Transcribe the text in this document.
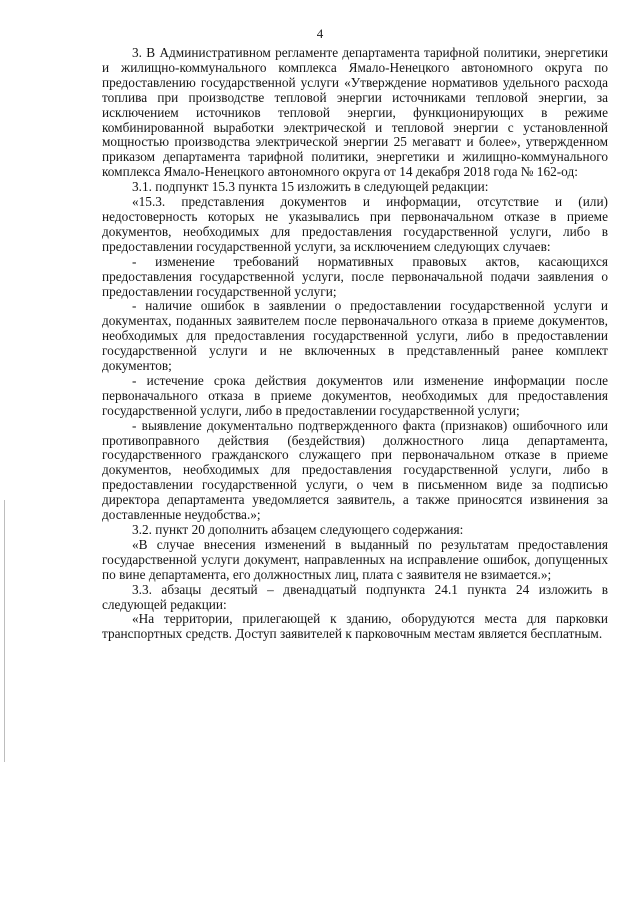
4

3. В Административном регламенте департамента тарифной политики, энергетики и жилищно-коммунального комплекса Ямало-Ненецкого автономного округа по предоставлению государственной услуги «Утверждение нормативов удельного расхода топлива при производстве тепловой энергии источниками тепловой энергии, за исключением источников тепловой энергии, функционирующих в режиме комбинированной выработки электрической и тепловой энергии с установленной мощностью производства электрической энергии 25 мегаватт и более», утвержденном приказом департамента тарифной политики, энергетики и жилищно-коммунального комплекса Ямало-Ненецкого автономного округа от 14 декабря 2018 года № 162-од:

3.1. подпункт 15.3 пункта 15 изложить в следующей редакции:

«15.3. представления документов и информации, отсутствие и (или) недостоверность которых не указывались при первоначальном отказе в приеме документов, необходимых для предоставления государственной услуги, либо в предоставлении государственной услуги, за исключением следующих случаев:

- изменение требований нормативных правовых актов, касающихся предоставления государственной услуги, после первоначальной подачи заявления о предоставлении государственной услуги;

- наличие ошибок в заявлении о предоставлении государственной услуги и документах, поданных заявителем после первоначального отказа в приеме документов, необходимых для предоставления государственной услуги, либо в предоставлении государственной услуги и не включенных в представленный ранее комплект документов;

- истечение срока действия документов или изменение информации после первоначального отказа в приеме документов, необходимых для предоставления государственной услуги, либо в предоставлении государственной услуги;

- выявление документально подтвержденного факта (признаков) ошибочного или противоправного действия (бездействия) должностного лица департамента, государственного гражданского служащего при первоначальном отказе в приеме документов, необходимых для предоставления государственной услуги, либо в предоставлении государственной услуги, о чем в письменном виде за подписью директора департамента уведомляется заявитель, а также приносятся извинения за доставленные неудобства.»;

3.2. пункт 20 дополнить абзацем следующего содержания:

«В случае внесения изменений в выданный по результатам предоставления государственной услуги документ, направленных на исправление ошибок, допущенных по вине департамента, его должностных лиц, плата с заявителя не взимается.»;

3.3. абзацы десятый – двенадцатый подпункта 24.1 пункта 24 изложить в следующей редакции:

«На территории, прилегающей к зданию, оборудуются места для парковки транспортных средств. Доступ заявителей к парковочным местам является бесплатным.
